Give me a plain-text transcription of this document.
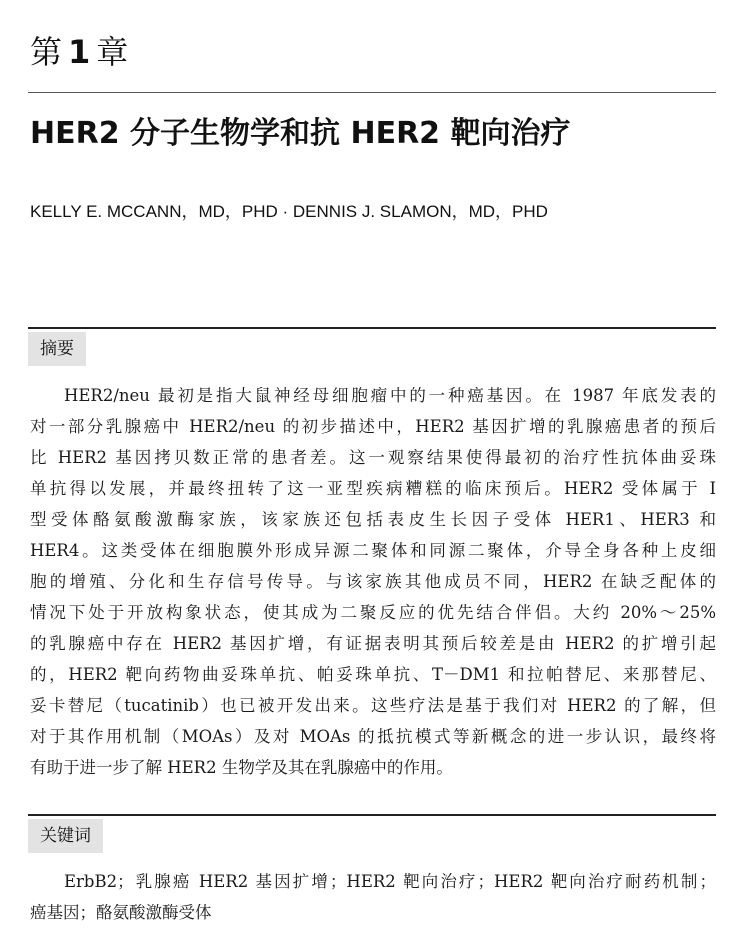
第 1 章
HER2 分子生物学和抗 HER2 靶向治疗
KELLY E. MCCANN，MD，PHD · DENNIS J. SLAMON，MD，PHD
摘要
HER2/neu 最初是指大鼠神经母细胞瘤中的一种癌基因。在 1987 年底发表的
对一部分乳腺癌中 HER2/neu 的初步描述中，HER2 基因扩增的乳腺癌患者的预后
比 HER2 基因拷贝数正常的患者差。这一观察结果使得最初的治疗性抗体曲妥珠
单抗得以发展，并最终扭转了这一亚型疾病糟糕的临床预后。HER2 受体属于 Ⅰ
型受体酪氨酸激酶家族，该家族还包括表皮生长因子受体 HER1、HER3 和
HER4。这类受体在细胞膜外形成异源二聚体和同源二聚体，介导全身各种上皮细
胞的增殖、分化和生存信号传导。与该家族其他成员不同，HER2 在缺乏配体的
情况下处于开放构象状态，使其成为二聚反应的优先结合伴侣。大约 20%～25%
的乳腺癌中存在 HER2 基因扩增，有证据表明其预后较差是由 HER2 的扩增引起
的，HER2 靶向药物曲妥珠单抗、帕妥珠单抗、T－DM1 和拉帕替尼、来那替尼、
妥卡替尼（tucatinib）也已被开发出来。这些疗法是基于我们对 HER2 的了解，但
对于其作用机制（MOAs）及对 MOAs 的抵抗模式等新概念的进一步认识，最终将
有助于进一步了解 HER2 生物学及其在乳腺癌中的作用。
关键词
ErbB2；乳腺癌 HER2 基因扩增；HER2 靶向治疗；HER2 靶向治疗耐药机制；
癌基因；酪氨酸激酶受体
